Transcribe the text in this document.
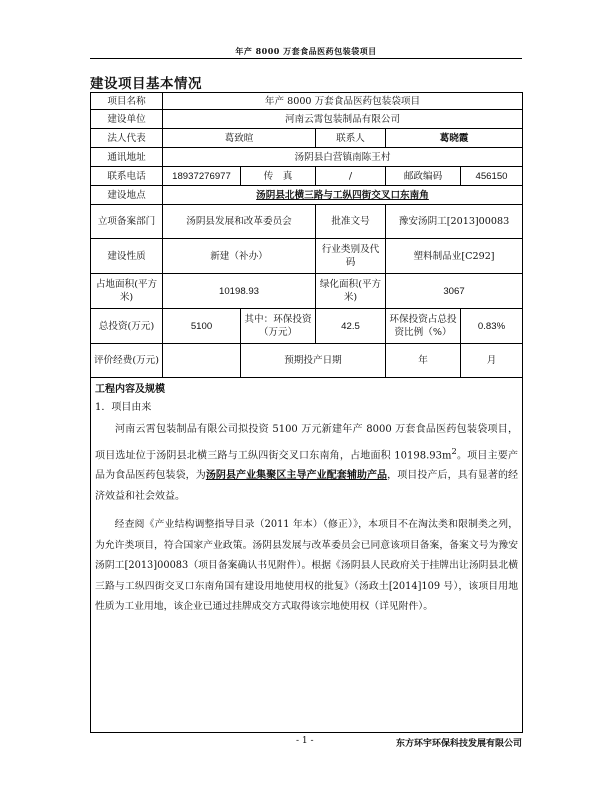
年产 8000 万套食品医药包装袋项目
建设项目基本情况
项目名称	年产 8000 万套食品医药包装袋项目				
建设单位	河南云霄包装制品有限公司				
法人代表	葛致暄		联系人	葛晓霞	
通讯地址	汤阴县白营镇南陈王村				
联系电话	18937276977	传　真	/	邮政编码	456150
建设地点	汤阴县北横三路与工纵四街交叉口东南角				
立项备案部门	汤阴县发展和改革委员会		批准文号	豫安汤阴工[2013]00083	
建设性质	新建（补办）		行业类别及代码	塑料制品业[C292]	
占地面积(平方米)	10198.93		绿化面积(平方米)	3067	
总投资(万元)	5100	其中：环保投资（万元）	42.5	环保投资占总投资比例（%）	0.83%
评价经费(万元)		预期投产日期		年	月

工程内容及规模
1．项目由来

河南云霄包装制品有限公司拟投资 5100 万元新建年产 8000 万套食品医药包装袋项目，项目选址位于汤阴县北横三路与工纵四街交叉口东南角，占地面积 $10198.93m^2$。项目主要产品为食品医药包装袋，为汤阴县产业集聚区主导产业配套辅助产品，项目投产后，具有显著的经济效益和社会效益。

经查阅《产业结构调整指导目录（2011 年本）（修正）》，本项目不在淘汰类和限制类之列，为允许类项目，符合国家产业政策。汤阴县发展与改革委员会已同意该项目备案，备案文号为豫安汤阴工[2013]00083（项目备案确认书见附件）。根据《汤阴县人民政府关于挂牌出让汤阴县北横三路与工纵四街交叉口东南角国有建设用地使用权的批复》（汤政土[2014]109 号），该项目用地性质为工业用地，该企业已通过挂牌成交方式取得该宗地使用权（详见附件）。					

- 1 -	东方环宇环保科技发展有限公司
